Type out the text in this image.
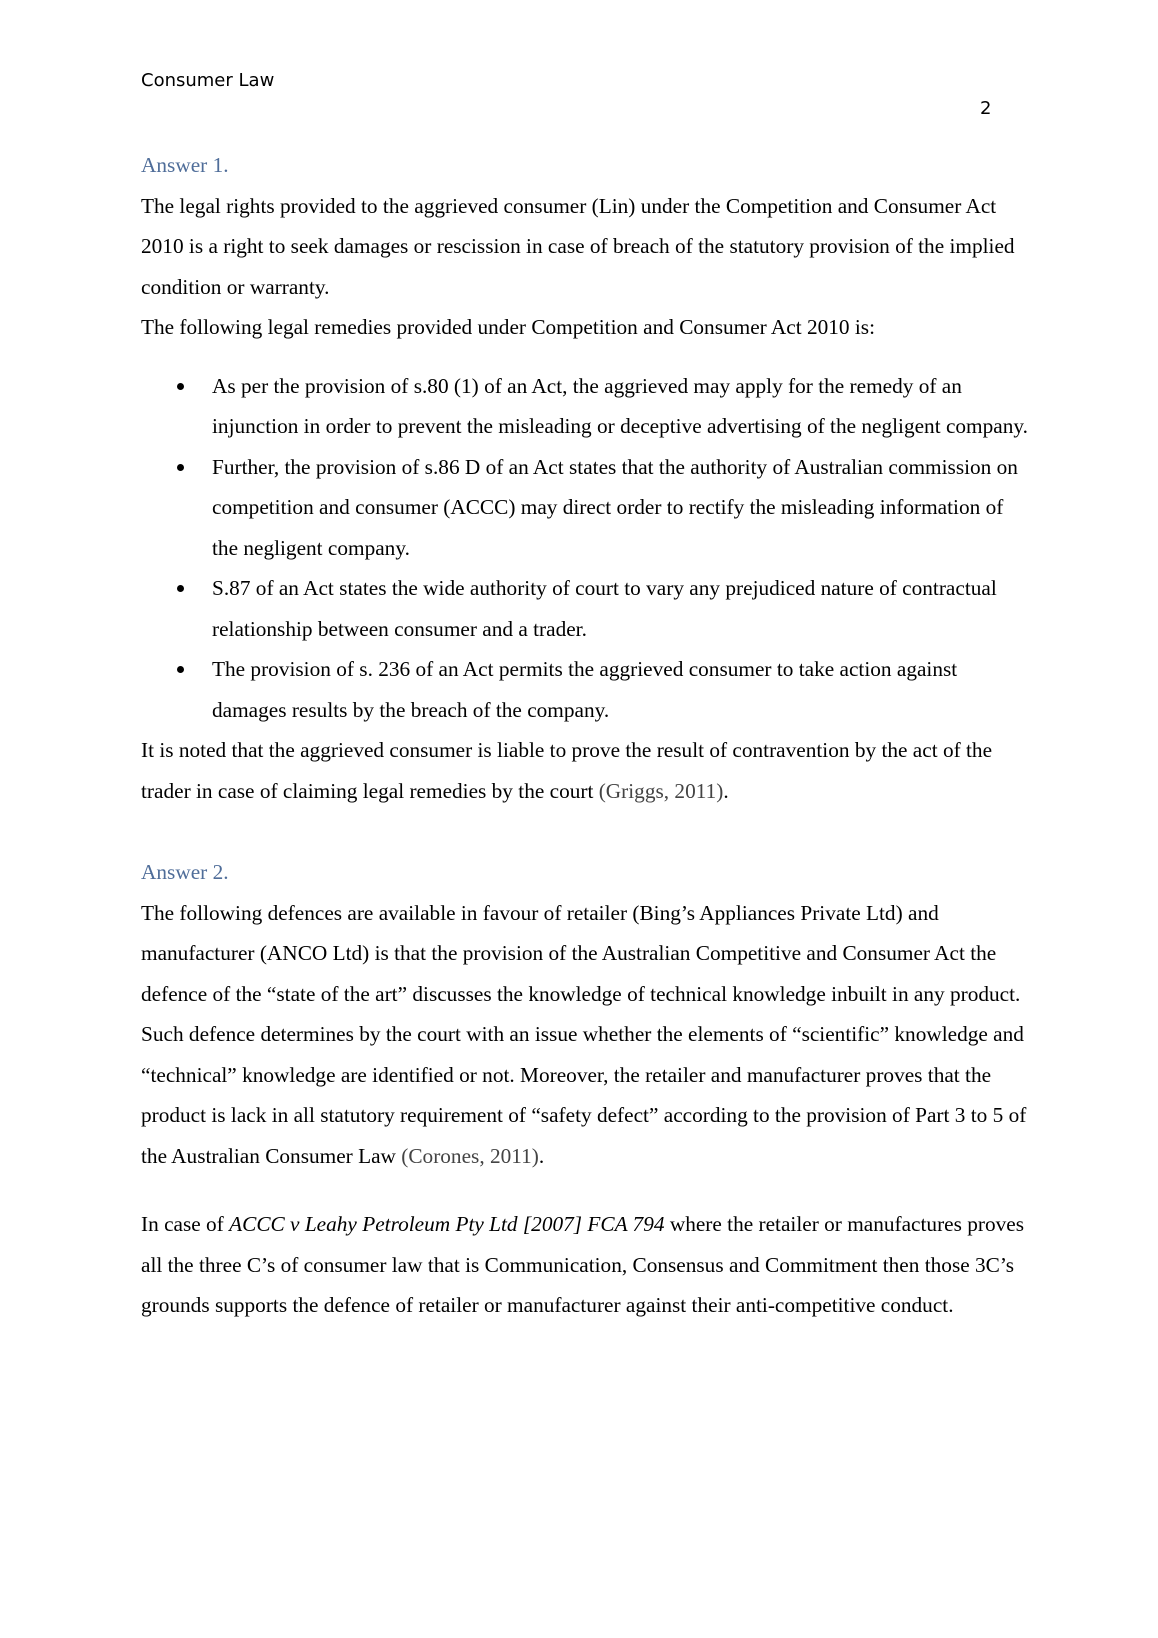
Consumer Law
2
Answer 1.

The legal rights provided to the aggrieved consumer (Lin) under the Competition and Consumer Act 2010 is a right to seek damages or rescission in case of breach of the statutory provision of the implied condition or warranty.

The following legal remedies provided under Competition and Consumer Act 2010 is:

As per the provision of s.80 (1) of an Act, the aggrieved may apply for the remedy of an injunction in order to prevent the misleading or deceptive advertising of the negligent company.
Further, the provision of s.86 D of an Act states that the authority of Australian commission on competition and consumer (ACCC) may direct order to rectify the misleading information of the negligent company.
S.87 of an Act states the wide authority of court to vary any prejudiced nature of contractual relationship between consumer and a trader.
The provision of s. 236 of an Act permits the aggrieved consumer to take action against damages results by the breach of the company.

It is noted that the aggrieved consumer is liable to prove the result of contravention by the act of the trader in case of claiming legal remedies by the court (Griggs, 2011).

Answer 2.

The following defences are available in favour of retailer (Bing’s Appliances Private Ltd) and manufacturer (ANCO Ltd) is that the provision of the Australian Competitive and Consumer Act the defence of the “state of the art” discusses the knowledge of technical knowledge inbuilt in any product. Such defence determines by the court with an issue whether the elements of “scientific” knowledge and “technical” knowledge are identified or not. Moreover, the retailer and manufacturer proves that the product is lack in all statutory requirement of “safety defect” according to the provision of Part 3 to 5 of the Australian Consumer Law (Corones, 2011).

In case of ACCC v Leahy Petroleum Pty Ltd [2007] FCA 794 where the retailer or manufactures proves all the three C’s of consumer law that is Communication, Consensus and Commitment then those 3C’s grounds supports the defence of retailer or manufacturer against their anti-competitive conduct.
